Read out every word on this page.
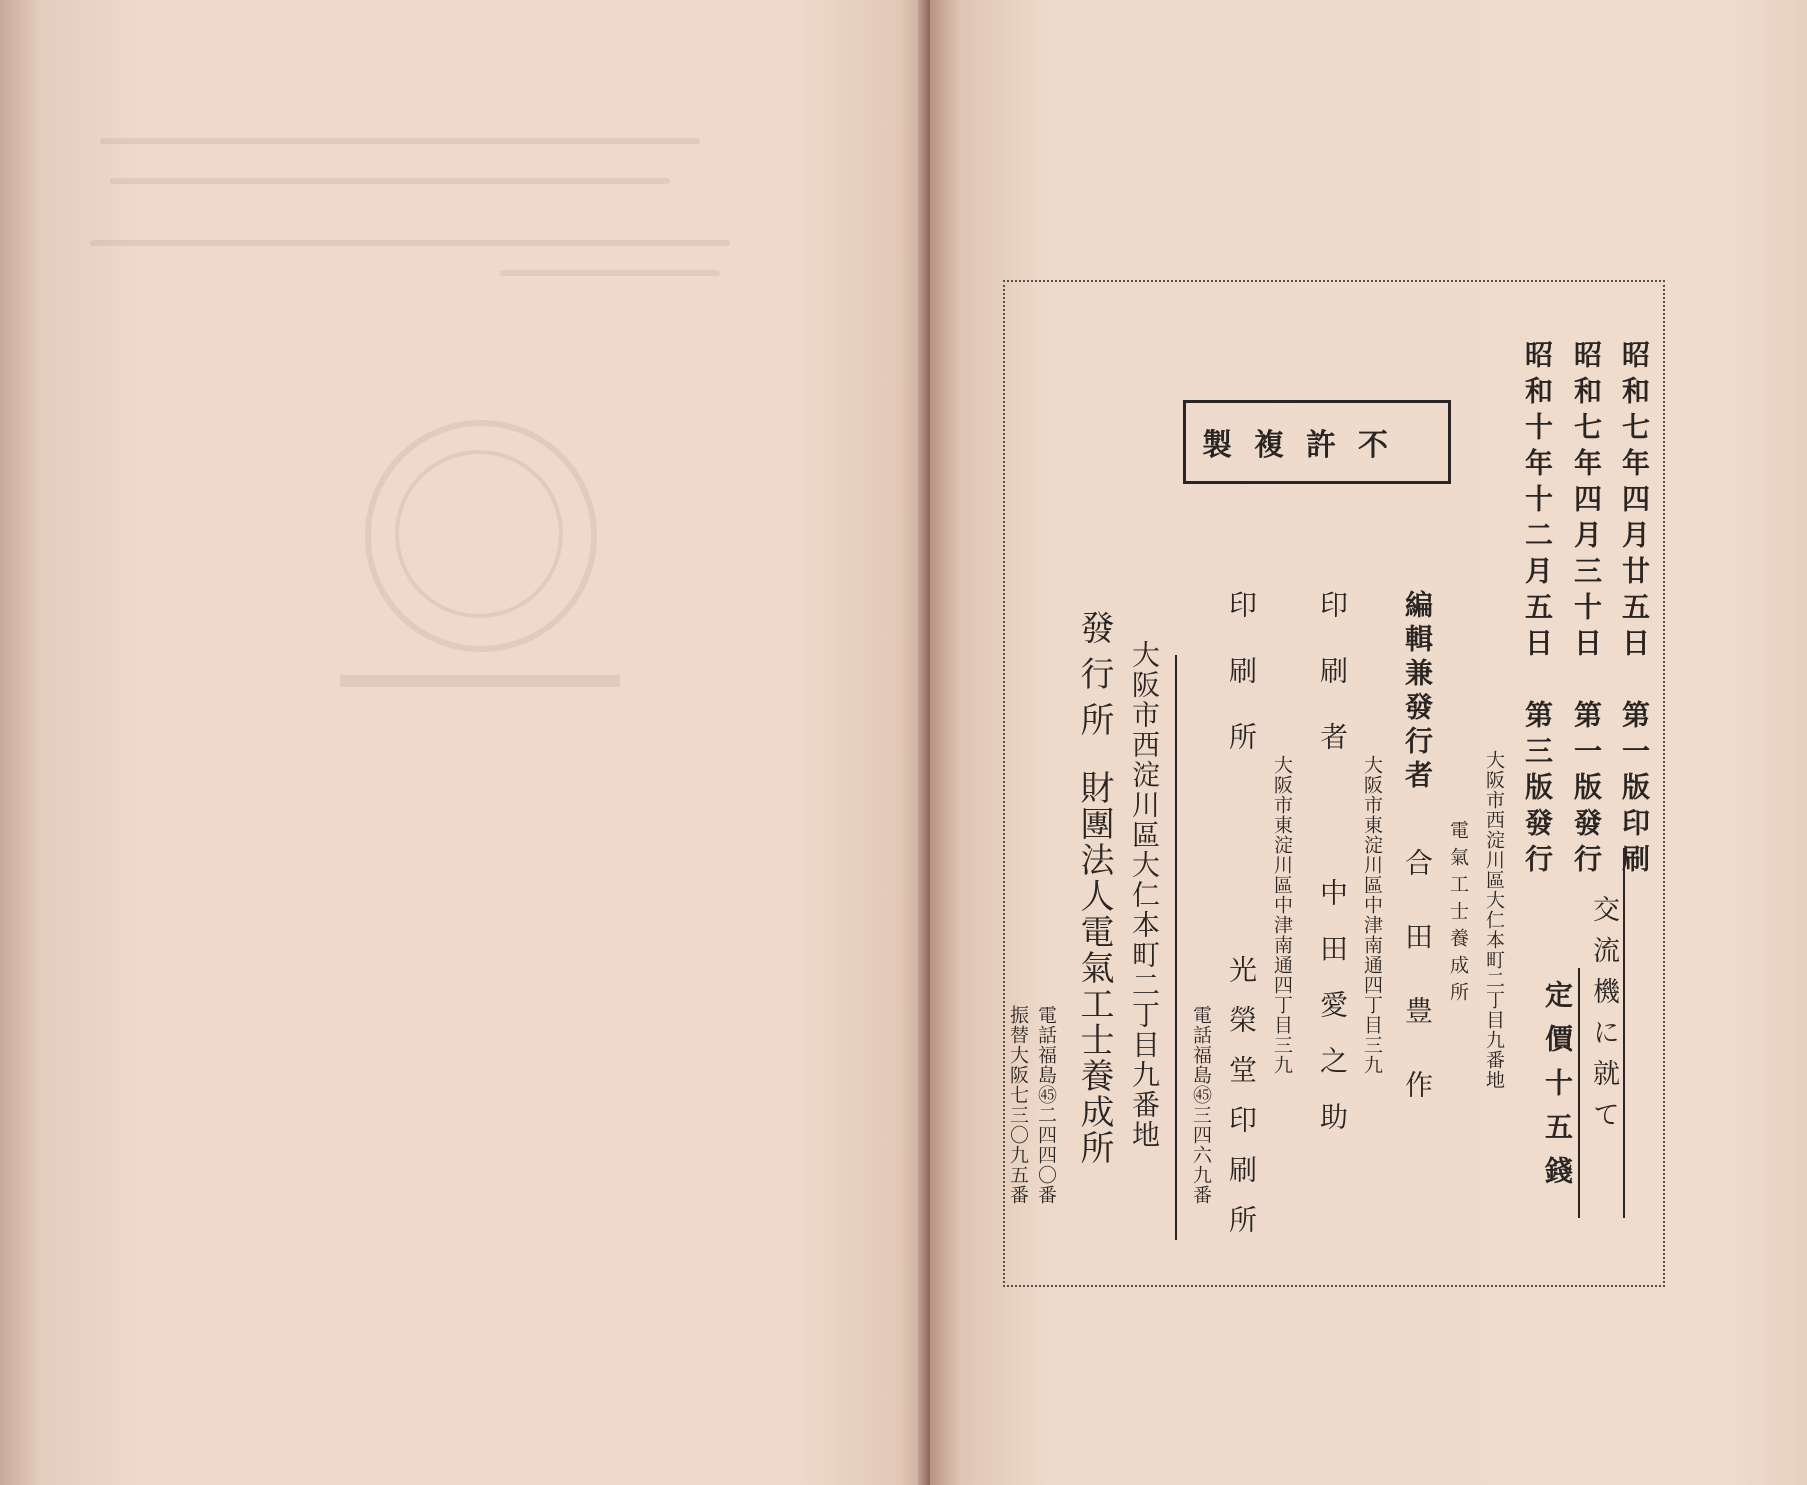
不許複製	昭和七年四月廿五日　第一版印刷
昭和七年四月三十日　第一版發行
昭和十年十二月五日　第三版發行
交流機に就て
定價十五錢
大阪市西淀川區大仁本町二丁目九番地
電氣工士養成所
編輯兼發行者
合田豊作
大阪市東淀川區中津南通四丁目三九
印刷者
中田愛之助
大阪市東淀川區中津南通四丁目三九
印刷所
光榮堂印刷所
電話福島㊺三四六九番
大阪市西淀川區大仁本町二丁目九番地
發行所
財團法人電氣工士養成所
電話福島㊺二四四〇番
振替大阪七三〇九五番
